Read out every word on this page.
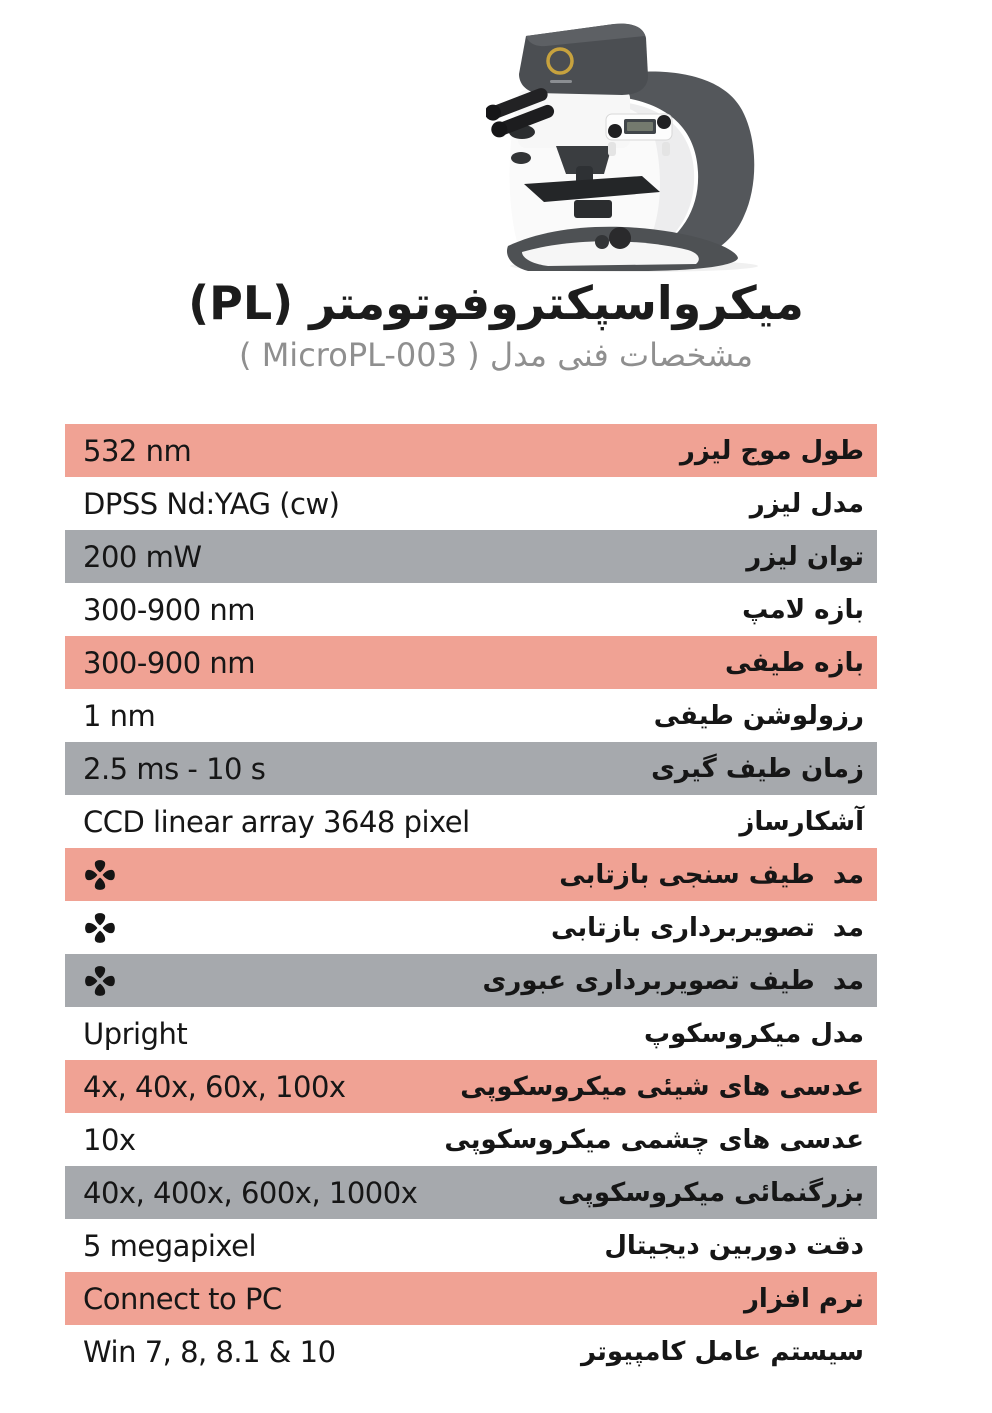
میکرواسپکتروفوتومتر (PL)
مشخصات فنی مدل ( MicroPL-003 )
532 nm	طول موج لیزر
DPSS Nd:YAG (cw)	مدل لیزر
200 mW	توان لیزر
300-900 nm	بازه لامپ
300-900 nm	بازه طیفی
1 nm	رزولوشن طیفی
2.5 ms - 10 s	زمان طیف گیری
CCD linear array 3648 pixel	آشکارساز
مد  طیف سنجی بازتابی
مد  تصویربرداری بازتابی
مد  طیف تصویربرداری عبوری
Upright	مدل میکروسکوپ
4x, 40x, 60x, 100x	عدسی های شیئی میکروسکوپی
10x	عدسی های چشمی میکروسکوپی
40x, 400x, 600x, 1000x	بزرگنمائی میکروسکوپی
5 megapixel	دقت دوربین دیجیتال
Connect to PC	نرم افزار
Win 7, 8, 8.1 & 10	سیستم عامل کامپیوتر
